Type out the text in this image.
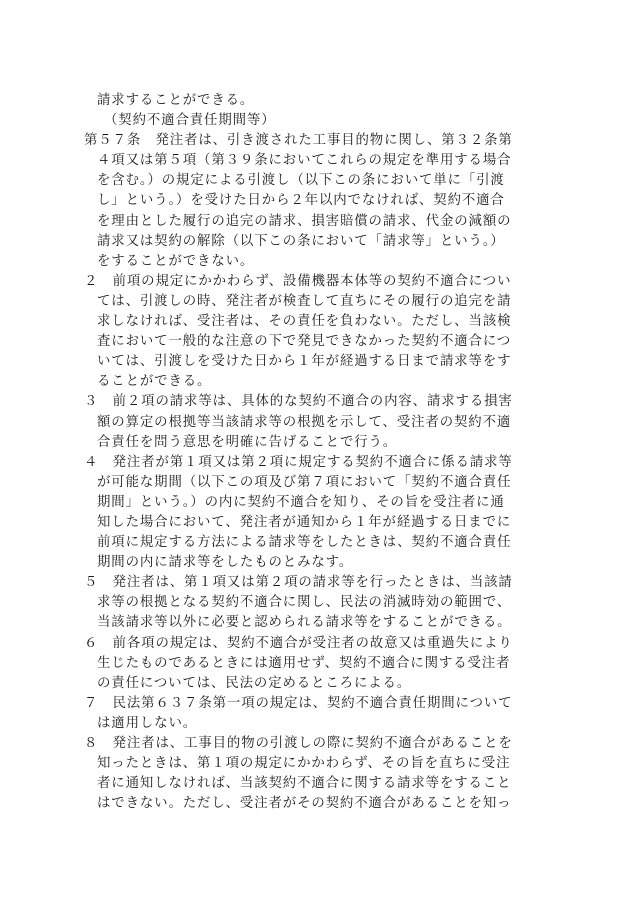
請求することができる。
（契約不適合責任期間等）
第５７条　発注者は、引き渡された工事目的物に関し、第３２条第
４項又は第５項（第３９条においてこれらの規定を準用する場合
を含む。）の規定による引渡し（以下この条において単に「引渡
し」という。）を受けた日から２年以内でなければ、契約不適合
を理由とした履行の追完の請求、損害賠償の請求、代金の減額の
請求又は契約の解除（以下この条において「請求等」という。）
をすることができない。
２　前項の規定にかかわらず、設備機器本体等の契約不適合につい
ては、引渡しの時、発注者が検査して直ちにその履行の追完を請
求しなければ、受注者は、その責任を負わない。ただし、当該検
査において一般的な注意の下で発見できなかった契約不適合につ
いては、引渡しを受けた日から１年が経過する日まで請求等をす
ることができる。
３　前２項の請求等は、具体的な契約不適合の内容、請求する損害
額の算定の根拠等当該請求等の根拠を示して、受注者の契約不適
合責任を問う意思を明確に告げることで行う。
４　発注者が第１項又は第２項に規定する契約不適合に係る請求等
が可能な期間（以下この項及び第７項において「契約不適合責任
期間」という。）の内に契約不適合を知り、その旨を受注者に通
知した場合において、発注者が通知から１年が経過する日までに
前項に規定する方法による請求等をしたときは、契約不適合責任
期間の内に請求等をしたものとみなす。
５　発注者は、第１項又は第２項の請求等を行ったときは、当該請
求等の根拠となる契約不適合に関し、民法の消滅時効の範囲で、
当該請求等以外に必要と認められる請求等をすることができる。
６　前各項の規定は、契約不適合が受注者の故意又は重過失により
生じたものであるときには適用せず、契約不適合に関する受注者
の責任については、民法の定めるところによる。
７　民法第６３７条第一項の規定は、契約不適合責任期間について
は適用しない。
８　発注者は、工事目的物の引渡しの際に契約不適合があることを
知ったときは、第１項の規定にかかわらず、その旨を直ちに受注
者に通知しなければ、当該契約不適合に関する請求等をすること
はできない。ただし、受注者がその契約不適合があることを知っ
